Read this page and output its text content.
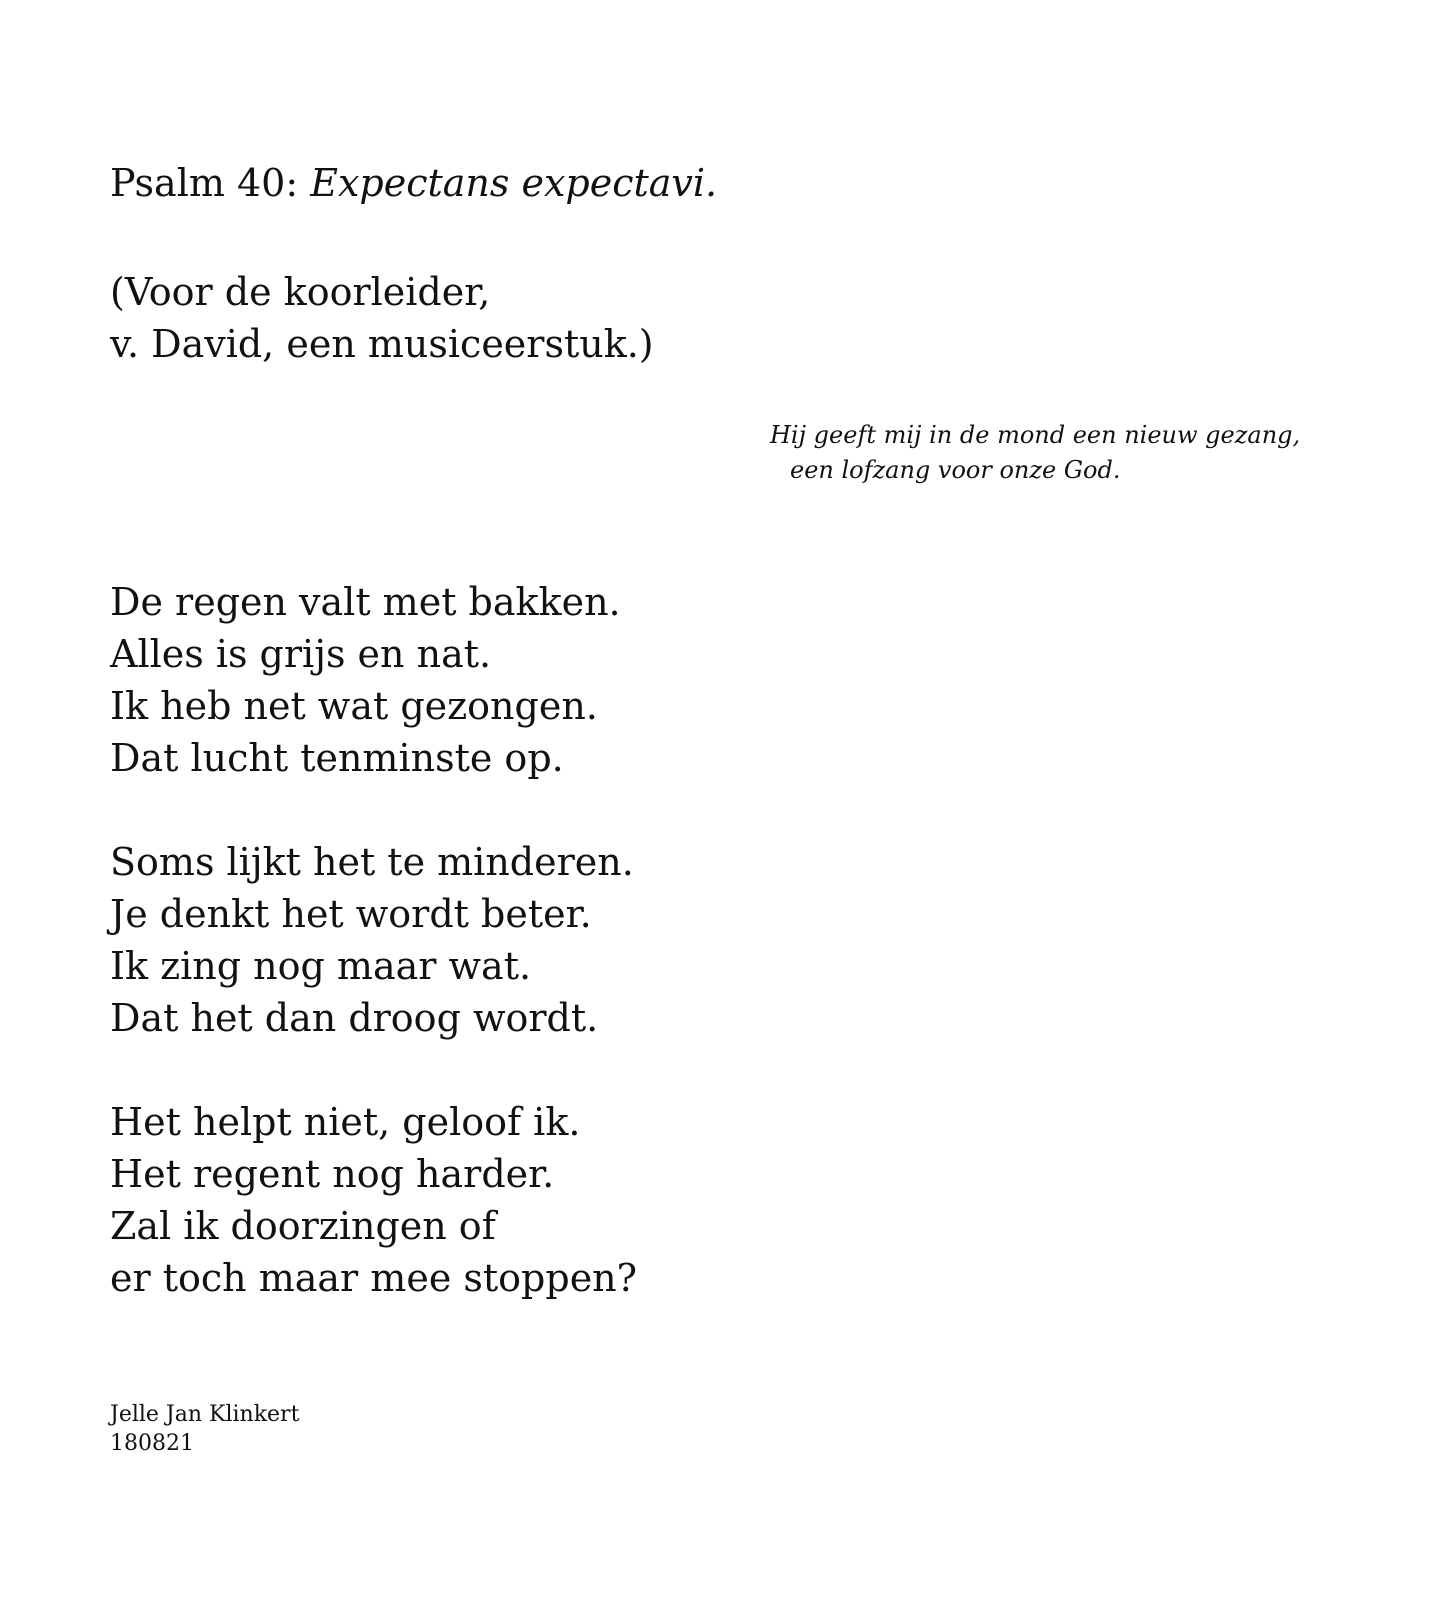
Psalm 40: Expectans expectavi.
(Voor de koorleider,
v. David, een musiceerstuk.)
Hij geeft mij in de mond een nieuw gezang,
een lofzang voor onze God.
De regen valt met bakken.
Alles is grijs en nat.
Ik heb net wat gezongen.
Dat lucht tenminste op.
Soms lijkt het te minderen.
Je denkt het wordt beter.
Ik zing nog maar wat.
Dat het dan droog wordt.
Het helpt niet, geloof ik.
Het regent nog harder.
Zal ik doorzingen of
er toch maar mee stoppen?
Jelle Jan Klinkert
180821
